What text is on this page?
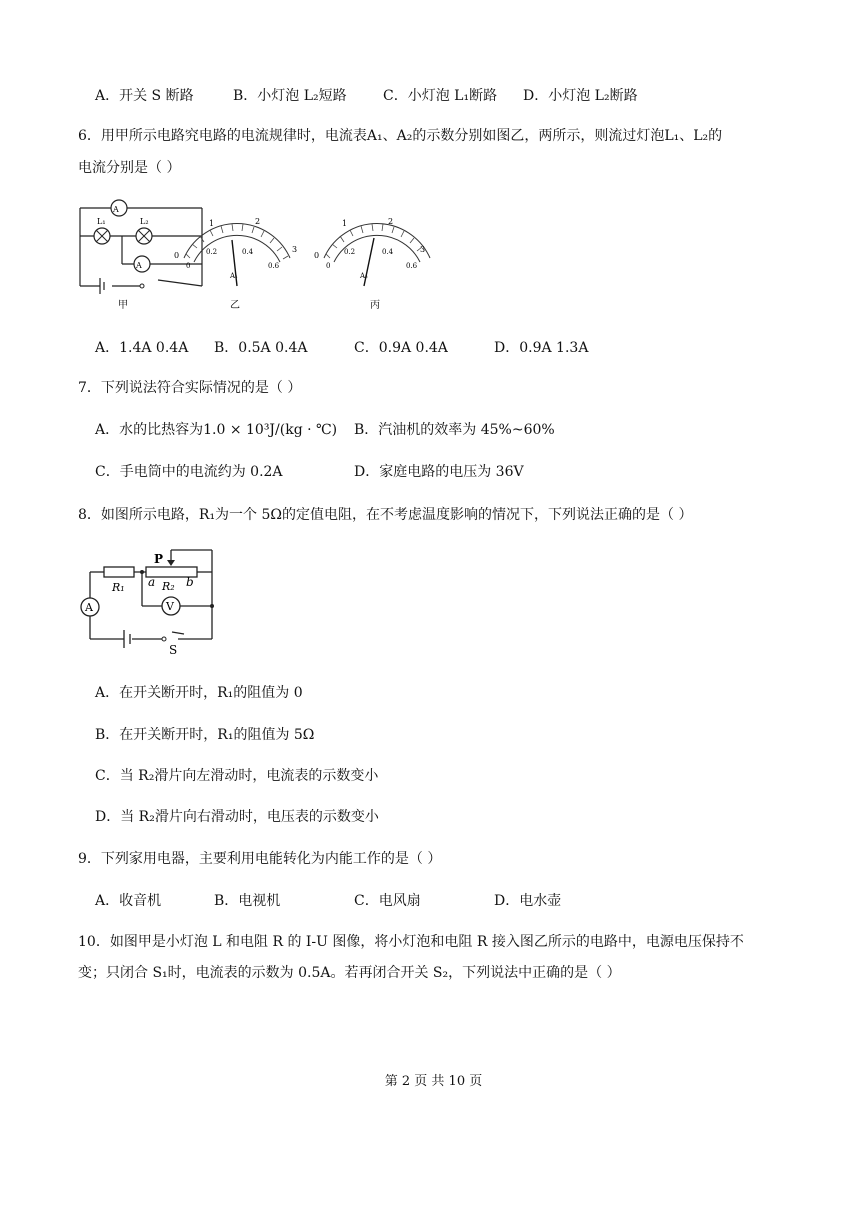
A．开关 S 断路	B．小灯泡 L₂短路	C．小灯泡 L₁断路 D．小灯泡 L₂断路
6．用甲所示电路究电路的电流规律时，电流表A₁、A₂的示数分别如图乙，两所示，则流过灯泡L₁、L₂的
电流分别是（ ）
A
L₁	L₂
A
甲
0
1	2
3
0
0.2	0.4
0.6
A₁
乙
0
1	2
3
0
0.2	0.4
0.6
A₂
丙
A．1.4A 0.4A B．0.5A 0.4A	C．0.9A 0.4A	D．0.9A 1.3A
7．下列说法符合实际情况的是（ ）
A．水的比热容为1.0 × 10³J/(kg · ℃) B．汽油机的效率为 45%~60%
C．手电筒中的电流约为 0.2A	D．家庭电路的电压为 36V
8．如图所示电路，R₁为一个 5Ω的定值电阻，在不考虑温度影响的情况下，下列说法正确的是（ ）
A	V
P
R₁	R₂
a	b
S
A．在开关断开时，R₁的阻值为 0
B．在开关断开时，R₁的阻值为 5Ω
C．当 R₂滑片向左滑动时，电流表的示数变小
D．当 R₂滑片向右滑动时，电压表的示数变小
9．下列家用电器，主要利用电能转化为内能工作的是（ ）
A．收音机	B．电视机	C．电风扇	D．电水壶
10．如图甲是小灯泡 L 和电阻 R 的 I-U 图像，将小灯泡和电阻 R 接入图乙所示的电路中，电源电压保持不
变；只闭合 S₁时，电流表的示数为 0.5A。若再闭合开关 S₂，下列说法中正确的是（ ）
第 2 页 共 10 页
